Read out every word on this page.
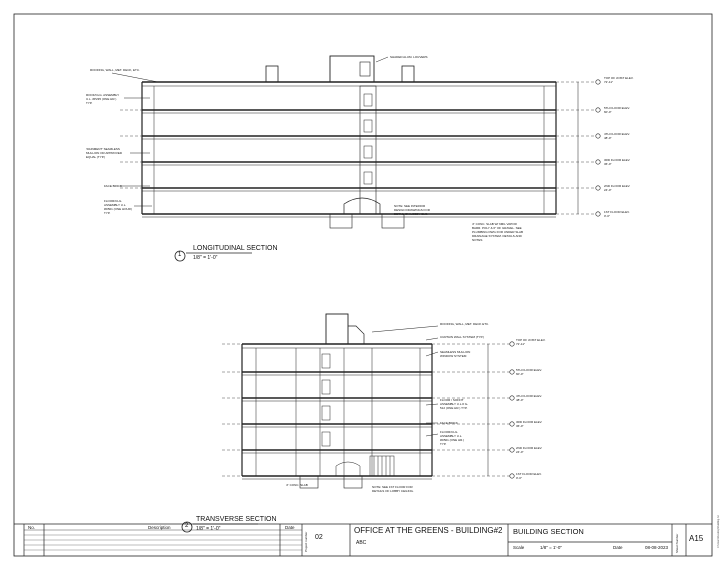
ROOFING, WALL, MET. DECK, ETC.
ROOF/CLG. ASSEMBLY U.L. #P235 (ONE HR.) TYP.
'RAINMENT' SEAMLESS MULLION OR APPROVED EQUAL (TYP.)
FACE BRICK
FLOOR/CLG. ASSEMBLY U.L. #D501 (ONE HOUR) TYP.
SHADED ALUM. LOUVERS
NOTE: SEE INTERIOR DESIGN DRAWINGS FOR DETAIL ON LOBBY CLG.
4" CONC. SLAB W/ 6MIL VAPOR BARR. POLY & 6" OF GRAVEL. SEE PLUMBING DWG FOR UNDER SLAB DRAINAGE SYSTEM. DETAILS AND NOTES
1
LONGITUDINAL SECTION
1/8" = 1'-0"
TOP OF JOIST ELEV.
72'-11"
5TH FLOOR ELEV.
60'-0"
4TH FLOOR ELEV.
48'-0"
3RD FLOOR ELEV.
36'-0"
2ND FLOOR ELEV.
24'-0"
1ST FLOOR ELEV.
0'-0"
ROOFING, WALL, MET. DECK ETC.
CURTAIN WALL SYSTEM (TYP.)
SEAMLESS MULLION WINDOW SYSTEM
FLOOR / SOFFIT ASSEMBLY U.L.# G-512 (ONE HR.) TYP.
FACE BRICK
FLOOR/CLG. ASSEMBLY U.L. #D501 (ONE HR.) TYP.
4" CONC. SLAB	NOTE: SEE 1ST FLOOR FOR DETAILS OF LOBBY CEILING.
2
TRANSVERSE SECTION
1/8" = 1'-0"
TOP OF JOIST ELEV.
72'-11"
5TH FLOOR ELEV.
60'-0"
4TH FLOOR ELEV.
48'-0"
3RD FLOOR ELEV.
36'-0"
2ND FLOOR ELEV.
24'-0"
1ST FLOOR ELEV.
0'-0"
No.	Description	Date
Project number 02
OFFICE AT THE GREENS - BUILDING#2
ABC
BUILDING SECTION
Scale	1/8" = 1'-0"	Date	08-08-2023 Sheet Number A15	C:\Users\Desktop\Building.rvt
